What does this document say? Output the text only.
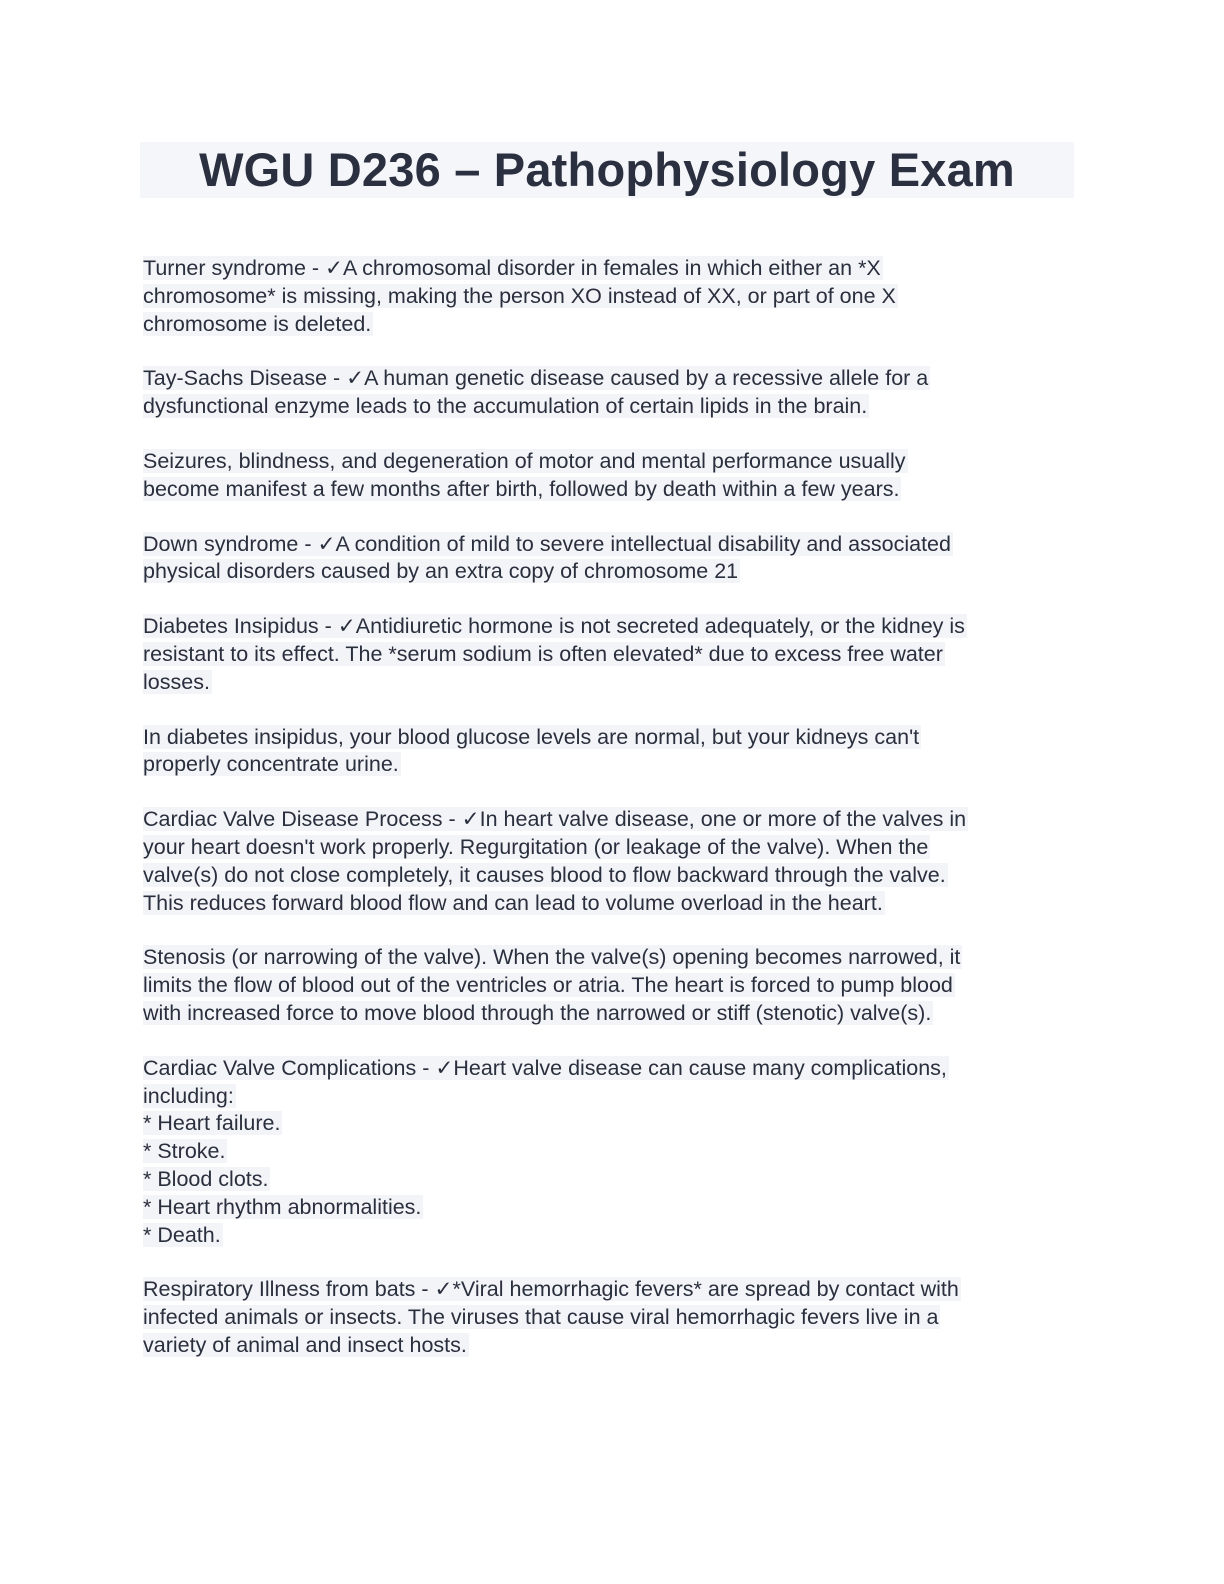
WGU D236 – Pathophysiology Exam

Turner syndrome - ✓A chromosomal disorder in females in which either an *X
chromosome* is missing, making the person XO instead of XX, or part of one X
chromosome is deleted.

Tay-Sachs Disease - ✓A human genetic disease caused by a recessive allele for a
dysfunctional enzyme leads to the accumulation of certain lipids in the brain.

Seizures, blindness, and degeneration of motor and mental performance usually
become manifest a few months after birth, followed by death within a few years.

Down syndrome - ✓A condition of mild to severe intellectual disability and associated
physical disorders caused by an extra copy of chromosome 21

Diabetes Insipidus - ✓Antidiuretic hormone is not secreted adequately, or the kidney is
resistant to its effect. The *serum sodium is often elevated* due to excess free water
losses.

In diabetes insipidus, your blood glucose levels are normal, but your kidneys can't
properly concentrate urine.

Cardiac Valve Disease Process - ✓In heart valve disease, one or more of the valves in
your heart doesn't work properly. Regurgitation (or leakage of the valve). When the
valve(s) do not close completely, it causes blood to flow backward through the valve.
This reduces forward blood flow and can lead to volume overload in the heart.

Stenosis (or narrowing of the valve). When the valve(s) opening becomes narrowed, it
limits the flow of blood out of the ventricles or atria. The heart is forced to pump blood
with increased force to move blood through the narrowed or stiff (stenotic) valve(s).

Cardiac Valve Complications - ✓Heart valve disease can cause many complications,
including:
* Heart failure.
* Stroke.
* Blood clots.
* Heart rhythm abnormalities.
* Death.

Respiratory Illness from bats - ✓*Viral hemorrhagic fevers* are spread by contact with
infected animals or insects. The viruses that cause viral hemorrhagic fevers live in a
variety of animal and insect hosts.
